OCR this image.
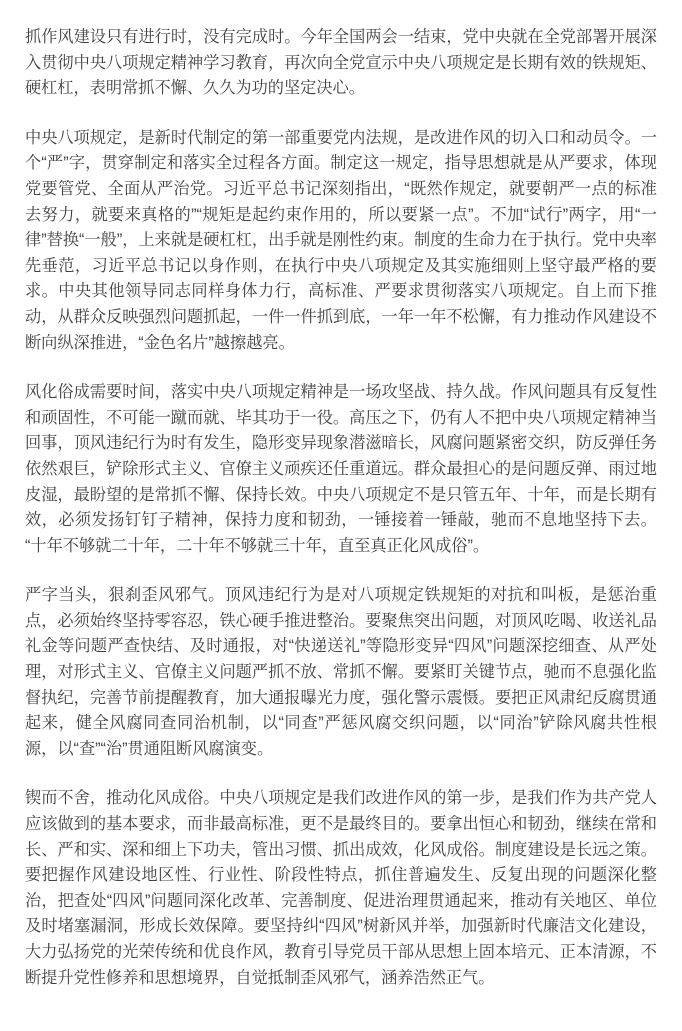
抓作风建设只有进行时，没有完成时。今年全国两会一结束，党中央就在全党部署开展深入贯彻中央八项规定精神学习教育，再次向全党宣示中央八项规定是长期有效的铁规矩、硬杠杠，表明常抓不懈、久久为功的坚定决心。

中央八项规定，是新时代制定的第一部重要党内法规，是改进作风的切入口和动员令。一个“严”字，贯穿制定和落实全过程各方面。制定这一规定，指导思想就是从严要求，体现党要管党、全面从严治党。习近平总书记深刻指出，“既然作规定，就要朝严一点的标准去努力，就要来真格的”“规矩是起约束作用的，所以要紧一点”。不加“试行”两字，用“一律”替换“一般”，上来就是硬杠杠，出手就是刚性约束。制度的生命力在于执行。党中央率先垂范，习近平总书记以身作则，在执行中央八项规定及其实施细则上坚守最严格的要求。中央其他领导同志同样身体力行，高标准、严要求贯彻落实八项规定。自上而下推动，从群众反映强烈问题抓起，一件一件抓到底，一年一年不松懈，有力推动作风建设不断向纵深推进，“金色名片”越擦越亮。

风化俗成需要时间，落实中央八项规定精神是一场攻坚战、持久战。作风问题具有反复性和顽固性，不可能一蹴而就、毕其功于一役。高压之下，仍有人不把中央八项规定精神当回事，顶风违纪行为时有发生，隐形变异现象潜滋暗长，风腐问题紧密交织，防反弹任务依然艰巨，铲除形式主义、官僚主义顽疾还任重道远。群众最担心的是问题反弹、雨过地皮湿，最盼望的是常抓不懈、保持长效。中央八项规定不是只管五年、十年，而是长期有效，必须发扬钉钉子精神，保持力度和韧劲，一锤接着一锤敲，驰而不息地坚持下去。“十年不够就二十年，二十年不够就三十年，直至真正化风成俗”。

严字当头，狠刹歪风邪气。顶风违纪行为是对八项规定铁规矩的对抗和叫板，是惩治重点，必须始终坚持零容忍，铁心硬手推进整治。要聚焦突出问题，对顶风吃喝、收送礼品礼金等问题严查快结、及时通报，对“快递送礼”等隐形变异“四风”问题深挖细查、从严处理，对形式主义、官僚主义问题严抓不放、常抓不懈。要紧盯关键节点，驰而不息强化监督执纪，完善节前提醒教育，加大通报曝光力度，强化警示震慑。要把正风肃纪反腐贯通起来，健全风腐同查同治机制，以“同查”严惩风腐交织问题，以“同治”铲除风腐共性根源，以“查”“治”贯通阻断风腐演变。

锲而不舍，推动化风成俗。中央八项规定是我们改进作风的第一步，是我们作为共产党人应该做到的基本要求，而非最高标准，更不是最终目的。要拿出恒心和韧劲，继续在常和长、严和实、深和细上下功夫，管出习惯、抓出成效，化风成俗。制度建设是长远之策。要把握作风建设地区性、行业性、阶段性特点，抓住普遍发生、反复出现的问题深化整治，把查处“四风”问题同深化改革、完善制度、促进治理贯通起来，推动有关地区、单位及时堵塞漏洞，形成长效保障。要坚持纠“四风”树新风并举，加强新时代廉洁文化建设，大力弘扬党的光荣传统和优良作风，教育引导党员干部从思想上固本培元、正本清源，不断提升党性修养和思想境界，自觉抵制歪风邪气，涵养浩然正气。
